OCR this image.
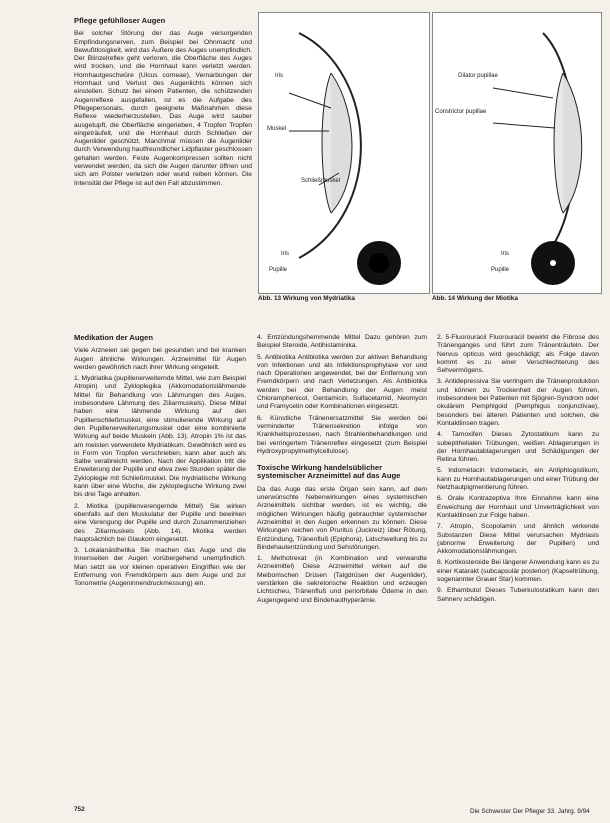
Pflege gefühlloser Augen

Bei solcher Störung der das Auge versorgenden Empfindungsnerven, zum Beispiel bei Ohnmacht und Bewußtlosigkeit, wird das Äußere des Auges unempfindlich. Der Blinzelreflex geht verloren, die Oberfläche des Auges wird trocken, und die Hornhaut kann verletzt werden. Hornhautgeschwüre (Ulcus corneae), Vernarbungen der Hornhaut und Verlust des Augenlichts können sich einstellen. Schutz bei einem Patienten, die schützenden Augenreflexe ausgefallen, ist es die Aufgabe des Pflegepersonals, durch geeignete Maßnahmen diese Reflexe wiederherzustellen. Das Auge wird sauber ausgetupft, die Oberfläche eingerieben, 4 Tropfen Tropfen eingeträufelt, und die Hornhaut durch Schließen der Augenlider geschützt. Manchmal müssen die Augenlider durch Verwendung hautfreundlicher Lidpflaster geschlossen gehalten werden. Feste Augenkompressen sollten nicht verwendet werden, da sich die Augen darunter öffnen und sich am Polster verletzen oder wund reiben können. Die Intensität der Pflege ist auf den Fall abzustimmen.

Iris
Muskel
Schließmuskel
Iris
Pupille
Abb. 13 Wirkung von Mydriatika
Dilator pupillae
Constrictor pupillae
Iris
Pupille
Abb. 14 Wirkung der Miotika
Medikation der Augen

Viele Arzneien sei gegen bei gesunden und bei kranken Augen ähnliche Wirkungen. Arzneimittel für Augen werden gewöhnlich nach ihrer Wirkung eingeteilt.

1. Mydriatika (pupillenerweiternde Mittel, wie zum Beispiel Atropin) und Zykloplegika (Akkomodationslähmende Mittel für Behandlung von Lähmungen des Auges, insbesondere Lähmung des Ziliarmuskels). Diese Mittel haben eine lähmende Wirkung auf den Pupillenschließmuskel, eine stimulierende Wirkung auf den Pupillenerweiterungsmuskel oder eine kombinierte Wirkung auf beide Muskeln (Abb. 13). Atropin 1% ist das am meisten verwendete Mydriatikum. Gewöhnlich wird es in Form von Tropfen verschrieben, kann aber auch als Salbe verabreicht werden. Nach der Applikation tritt die Erweiterung der Pupille und etwa zwei Stunden später die Zykloplegie mit Schließmuskel. Die mydriatische Wirkung kann über eine Woche, die zykloplegische Wirkung zwei bis drei Tage anhalten.

2. Miotika (pupillenverengernde Mittel) Sie wirken ebenfalls auf den Muskulatur der Pupille und bewirken eine Verengung der Pupille und durch Zusammenziehen des Ziliarmuskels (Abb. 14). Miotika werden hauptsächlich bei Glaukom eingesetzt.

3. Lokalanästhetika Sie machen das Auge und die Innenseiten der Augen vorübergehend unempfindlich. Man setzt sie vor kleinen operativen Eingriffen wie der Entfernung von Fremdkörpern aus dem Auge und zur Tonometrie (Augeninnendruckmessung) ein.

4. Entzündungshemmende Mittel Dazu gehören zum Beispiel Steroide, Antihistaminika.

5. Antibiotika Antibiotika werden zur aktiven Behandlung von Infektionen und als Infektionsprophylaxe vor und nach Operationen angewendet, bei der Entfernung von Fremdkörpern und nach Verletzungen. Als Antibiotika werden bei der Behandlung der Augen meist Chloramphenicol, Gentamicin, Sulfacetamid, Neomycin und Framycetin oder Kombinationen eingesetzt.

6. Künstliche Tränenersatzmittel Sie werden bei verminderter Tränensekretion infolge von Krankheitsprozessen, nach Strahlenbehandlungen und bei verringertem Tränenreflex eingesetzt (zum Beispiel Hydroxypropylmethylcellulose).

Toxische Wirkung handelsüblicher systemischer Arzneimittel auf das Auge

Da das Auge das erste Organ sein kann, auf dem unerwünschte Nebenwirkungen eines systemischen Arzneimittels sichtbar werden, ist es wichtig, die möglichen Wirkungen häufig gebrauchter systemischer Arzneimittel in den Augen erkennen zu können. Diese Wirkungen reichen von Pruritus (Juckreiz) über Rötung, Entzündung, Tränenfluß (Epiphora), Lidschwellung bis zu Bindehautentzündung und Sehstörungen.

1. Methotrexat (in Kombination und verwandte Arzneimittel) Diese Arzneimittel wirken auf die Meibomschen Drüsen (Talgdrüsen der Augenlider), verstärken die sekretorische Reaktion und erzeugen Lichtscheu, Tränenfluß und periorbitale Ödeme in den Augengegend und Bindehauthyperämie.

2. 5-Fluorouracil Fluorouracil bewirkt die Fibrose des Tränenganges und führt zum Tränenträufeln. Der Nervus opticus wird geschädigt; als Folge davon kommt es zu einer Verschlechterung des Sehvermögens.

3. Antidepressiva Sie verringern die Tränenproduktion und können zu Trockenheit der Augen führen, insbesondere bei Patienten mit Sjögren-Syndrom oder okulärem Pemphigoid (Pemphigus conjunctivae), besonders bei älteren Patienten und solchen, die Kontaktlinsen tragen.

4. Tamoxifen Dieses Zytostatikum kann zu subepithelialen Trübungen, weißen Ablagerungen in der Hornhautablagerungen und Schädigungen der Retina führen.

5. Indometacin Indometacin, ein Antiphlogistikum, kann zu Hornhautablagerungen und einer Trübung der Netzhautpigmentierung führen.

6. Orale Kontrazeptiva Ihre Einnahme kann eine Erweichung der Hornhaut und Unverträglichkeit von Kontaktlinsen zur Folge haben.

7. Atropin, Scopolamin und ähnlich wirkende Substanzen Diese Mittel verursachen Mydriasis (abnorme Erweiterung der Pupillen) und Akkomodationslähmungen.

8. Kortikosteroide Bei längerer Anwendung kann es zu einer Katarakt (subcapsulär posterior) (Kapseltrübung, sogenannter Grauer Star) kommen.

9. Ethambutol Dieses Tuberkulostatikum kann den Sehnerv schädigen.

752	Die Schwester Der Pfleger 33. Jahrg. 9/94
